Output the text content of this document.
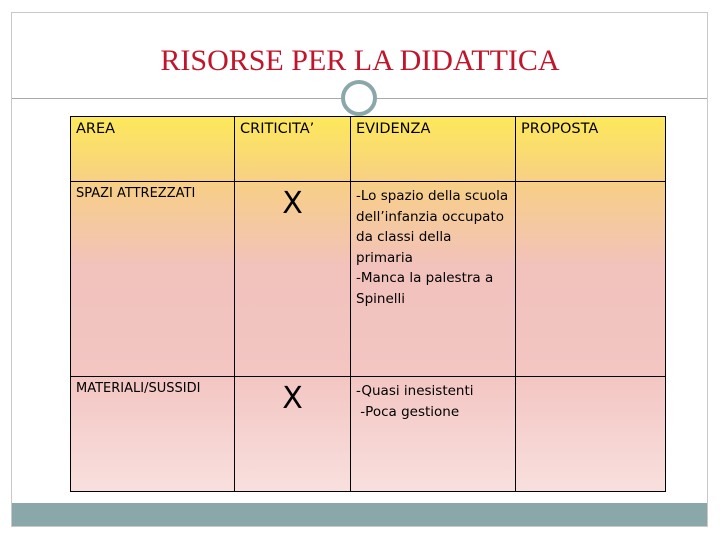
RISORSE PER LA DIDATTICA
AREA	CRITICITA’	EVIDENZA	PROPOSTA
SPAZI ATTREZZATI	X	-Lo spazio della scuola dell’infanzia occupato da classi della primaria
-Manca la palestra a Spinelli	

MATERIALI/SUSSIDI	X	-Quasi inesistenti
-Poca gestione	
